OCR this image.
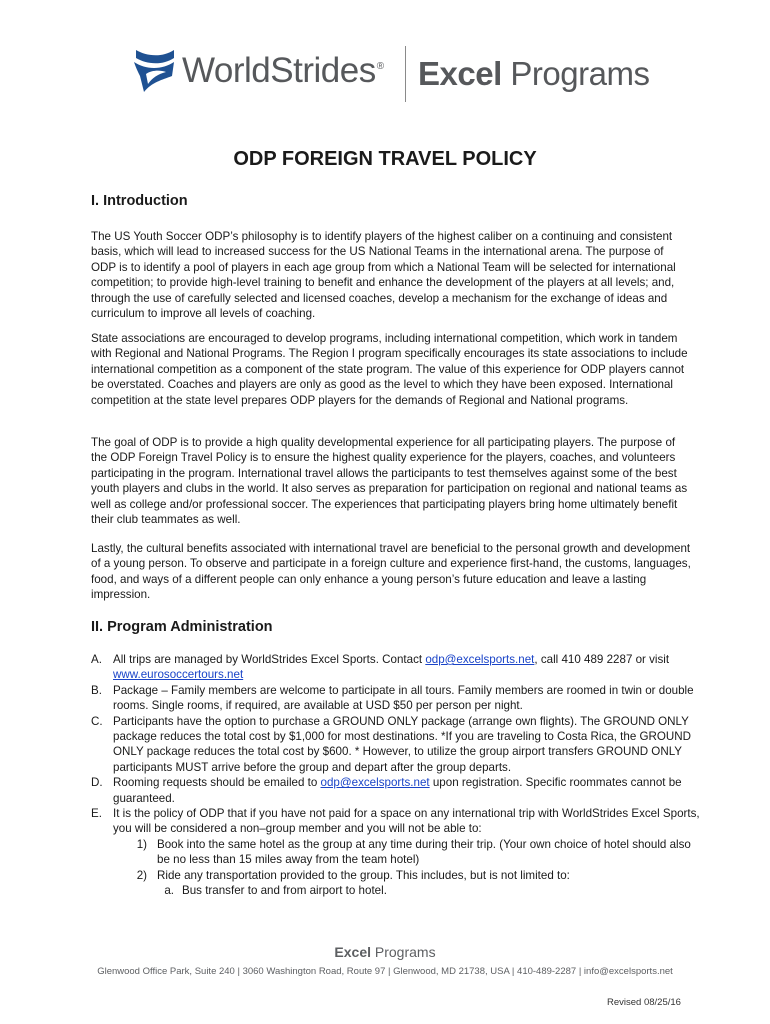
WorldStrides® Excel Programs
ODP FOREIGN TRAVEL POLICY
I. Introduction

The US Youth Soccer ODP’s philosophy is to identify players of the highest caliber on a continuing and consistent basis, which will lead to increased success for the US National Teams in the international arena. The purpose of ODP is to identify a pool of players in each age group from which a National Team will be selected for international competition; to provide high-level training to benefit and enhance the development of the players at all levels; and, through the use of carefully selected and licensed coaches, develop a mechanism for the exchange of ideas and curriculum to improve all levels of coaching.

State associations are encouraged to develop programs, including international competition, which work in tandem with Regional and National Programs. The Region I program specifically encourages its state associations to include international competition as a component of the state program. The value of this experience for ODP players cannot be overstated. Coaches and players are only as good as the level to which they have been exposed. International competition at the state level prepares ODP players for the demands of Regional and National programs.

The goal of ODP is to provide a high quality developmental experience for all participating players. The purpose of the ODP Foreign Travel Policy is to ensure the highest quality experience for the players, coaches, and volunteers participating in the program. International travel allows the participants to test themselves against some of the best youth players and clubs in the world. It also serves as preparation for participation on regional and national teams as well as college and/or professional soccer. The experiences that participating players bring home ultimately benefit their club teammates as well.

Lastly, the cultural benefits associated with international travel are beneficial to the personal growth and development of a young person. To observe and participate in a foreign culture and experience first-hand, the customs, languages, food, and ways of a different people can only enhance a young person’s future education and leave a lasting impression.

II. Program Administration
A. All trips are managed by WorldStrides Excel Sports. Contact odp@excelsports.net, call 410 489 2287 or visit www.eurosoccertours.net
B. Package – Family members are welcome to participate in all tours. Family members are roomed in twin or double rooms. Single rooms, if required, are available at USD $50 per person per night.
C. Participants have the option to purchase a GROUND ONLY package (arrange own flights). The GROUND ONLY package reduces the total cost by $1,000 for most destinations. *If you are traveling to Costa Rica, the GROUND ONLY package reduces the total cost by $600. * However, to utilize the group airport transfers GROUND ONLY participants MUST arrive before the group and depart after the group departs.
D. Rooming requests should be emailed to odp@excelsports.net upon registration. Specific roommates cannot be guaranteed.
E. It is the policy of ODP that if you have not paid for a space on any international trip with WorldStrides Excel Sports, you will be considered a non–group member and you will not be able to:
1) Book into the same hotel as the group at any time during their trip. (Your own choice of hotel should also be no less than 15 miles away from the team hotel)
2) Ride any transportation provided to the group. This includes, but is not limited to:
a. Bus transfer to and from airport to hotel.
Excel Programs
Glenwood Office Park, Suite 240 | 3060 Washington Road, Route 97 | Glenwood, MD 21738, USA | 410-489-2287 | info@excelsports.net
Revised 08/25/16
